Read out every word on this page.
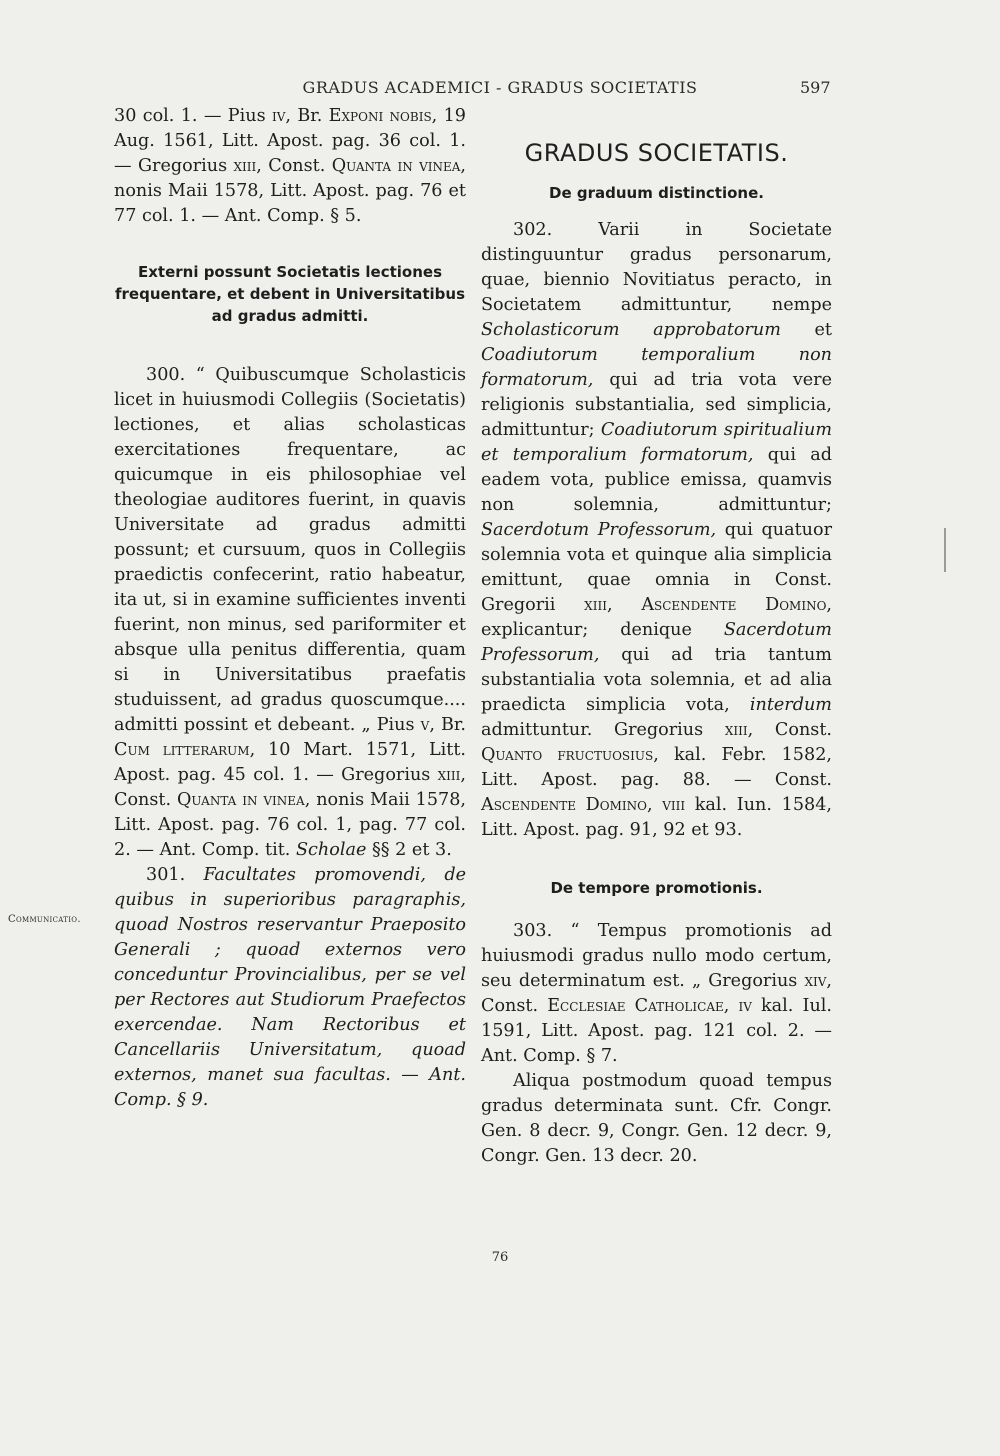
GRADUS ACADEMICI - GRADUS SOCIETATIS	597

30 col. 1. — Pius iv, Br. Exponi nobis, 19 Aug. 1561, Litt. Apost. pag. 36 col. 1. — Gregorius xiii, Const. Quanta in vinea, nonis Maii 1578, Litt. Apost. pag. 76 et 77 col. 1. — Ant. Comp. § 5.

Externi possunt Societatis lectiones frequentare, et debent in Universitatibus ad gradus admitti.

300. “ Quibuscumque Scholasticis licet in huiusmodi Collegiis (Societatis) lectiones, et alias scholasticas exercitationes frequentare, ac quicumque in eis philosophiae vel theologiae auditores fuerint, in quavis Universitate ad gradus admitti possunt; et cursuum, quos in Collegiis praedictis confecerint, ratio habeatur, ita ut, si in examine sufficientes inventi fuerint, non minus, sed pariformiter et absque ulla penitus differentia, quam si in Universitatibus praefatis studuissent, ad gradus quoscumque.... admitti possint et debeant. „ Pius v, Br. Cum litterarum, 10 Mart. 1571, Litt. Apost. pag. 45 col. 1. — Gregorius xiii, Const. Quanta in vinea, nonis Maii 1578, Litt. Apost. pag. 76 col. 1, pag. 77 col. 2. — Ant. Comp. tit. Scholae §§ 2 et 3.

301. Facultates promovendi, de quibus in superioribus paragraphis, quoad Nostros reservantur Praeposito Generali ; quoad externos vero conceduntur Provincialibus, per se vel per Rectores aut Studiorum Praefectos exercendae. Nam Rectoribus et Cancellariis Universitatum, quoad externos, manet sua facultas. — Ant. Comp. § 9.

GRADUS SOCIETATIS.
De graduum distinctione.

302. Varii in Societate distinguuntur gradus personarum, quae, biennio Novitiatus peracto, in Societatem admittuntur, nempe Scholasticorum approbatorum et Coadiutorum temporalium non formatorum, qui ad tria vota vere religionis substantialia, sed simplicia, admittuntur; Coadiutorum spiritualium et temporalium formatorum, qui ad eadem vota, publice emissa, quamvis non solemnia, admittuntur; Sacerdotum Professorum, qui quatuor solemnia vota et quinque alia simplicia emittunt, quae omnia in Const. Gregorii xiii, Ascendente Domino, explicantur; denique Sacerdotum Professorum, qui ad tria tantum substantialia vota solemnia, et ad alia praedicta simplicia vota, interdum admittuntur. Gregorius xiii, Const. Quanto fructuosius, kal. Febr. 1582, Litt. Apost. pag. 88. — Const. Ascendente Domino, viii kal. Iun. 1584, Litt. Apost. pag. 91, 92 et 93.

De tempore promotionis.

303. “ Tempus promotionis ad huiusmodi gradus nullo modo certum, seu determinatum est. „ Gregorius xiv, Const. Ecclesiae Catholicae, iv kal. Iul. 1591, Litt. Apost. pag. 121 col. 2. — Ant. Comp. § 7.

Aliqua postmodum quoad tempus gradus determinata sunt. Cfr. Congr. Gen. 8 decr. 9, Congr. Gen. 12 decr. 9, Congr. Gen. 13 decr. 20.

Communicatio.
76
